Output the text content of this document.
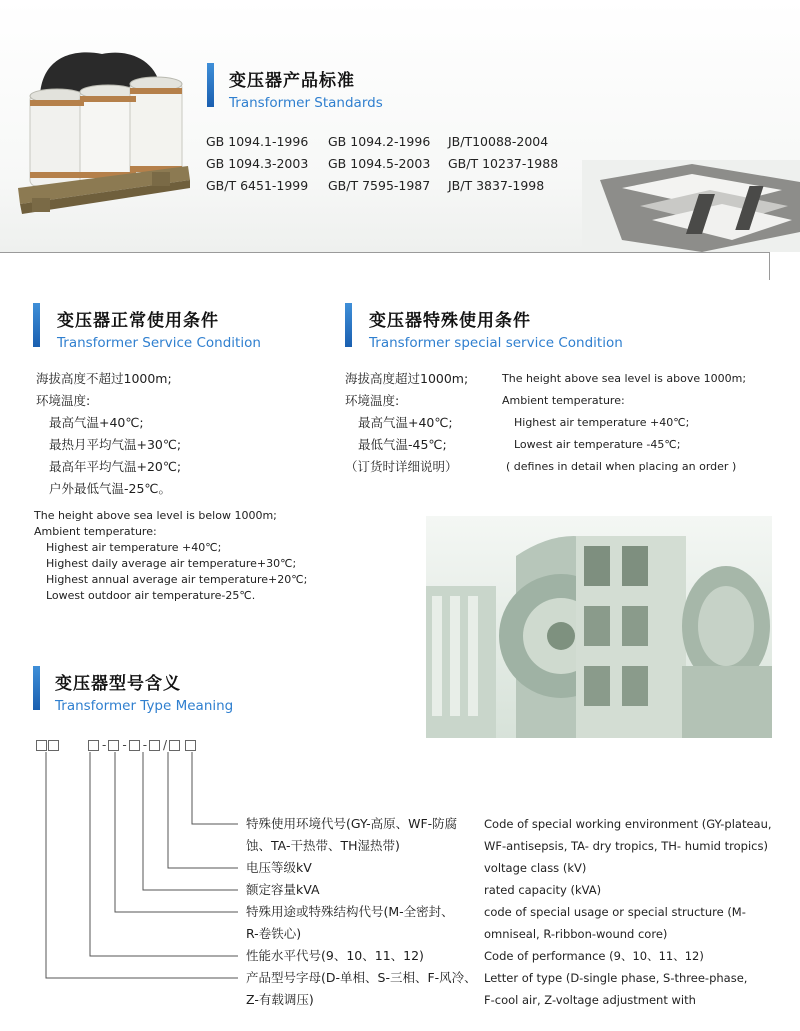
变压器产品标准
Transformer Standards
GB 1094.1-1996	GB 1094.2-1996	JB/T10088-2004
GB 1094.3-2003	GB 1094.5-2003	GB/T 10237-1988
GB/T 6451-1999	GB/T 7595-1987	JB/T 3837-1998
变压器正常使用条件
Transformer Service Condition
海拔高度不超过1000m;
环境温度:
最高气温+40℃;
最热月平均气温+30℃;
最高年平均气温+20℃;
户外最低气温-25℃。
The height above sea level is below 1000m;
Ambient temperature:
Highest air temperature +40℃;
Highest daily average air temperature+30℃;
Highest annual average air temperature+20℃;
Lowest outdoor air temperature-25℃.
变压器特殊使用条件
Transformer special service Condition
海拔高度超过1000m;
环境温度:
最高气温+40℃;
最低气温-45℃;
（订货时详细说明）
The height above sea level is above 1000m;
Ambient temperature:
Highest air temperature +40℃;
Lowest air temperature -45℃;
( defines in detail when placing an order )
变压器型号含义
Transformer Type Meaning
- - - /
特殊使用环境代号(GY-高原、WF-防腐
蚀、TA-干热带、TH湿热带)
电压等级kV
额定容量kVA
特殊用途或特殊结构代号(M-全密封、
R-卷铁心)
性能水平代号(9、10、11、12)
产品型号字母(D-单相、S-三相、F-风冷、
Z-有载调压)
Code of special working environment (GY-plateau,
WF-antisepsis, TA- dry tropics, TH- humid tropics)
voltage class (kV)
rated capacity (kVA)
code of special usage or special structure (M-
omniseal, R-ribbon-wound core)
Code of performance (9、10、11、12)
Letter of type (D-single phase, S-three-phase,
F-cool air, Z-voltage adjustment with
